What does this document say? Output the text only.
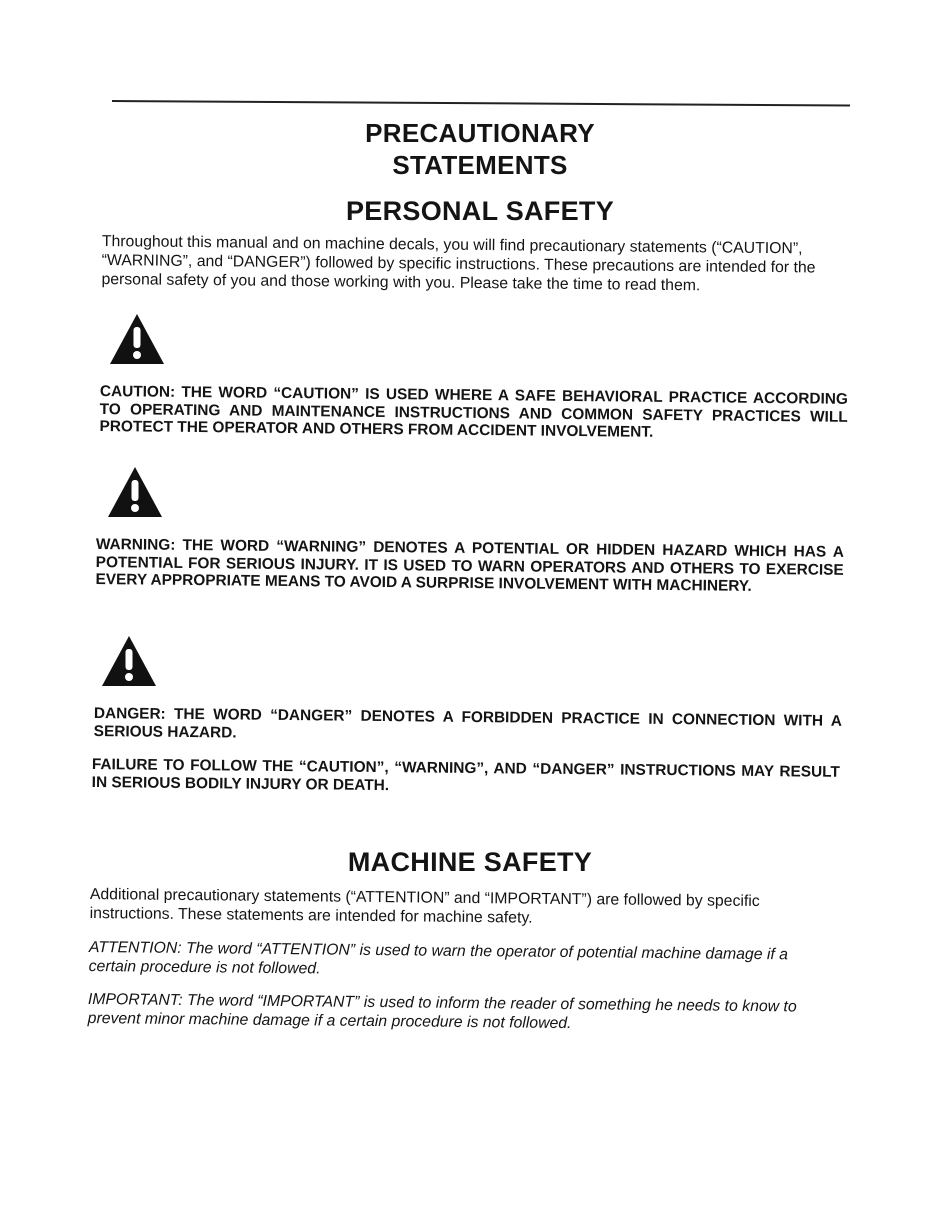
PRECAUTIONARY
STATEMENTS
PERSONAL SAFETY
Throughout this manual and on machine decals, you will find precautionary statements (“CAUTION”, “WARNING”, and “DANGER”) followed by specific instructions. These precautions are intended for the personal safety of you and those working with you. Please take the time to read them.
CAUTION: THE WORD “CAUTION” IS USED WHERE A SAFE BEHAVIORAL PRACTICE ACCORDING TO OPERATING AND MAINTENANCE INSTRUCTIONS AND COMMON SAFETY PRACTICES WILL PROTECT THE OPERATOR AND OTHERS FROM ACCIDENT INVOLVEMENT.
WARNING: THE WORD “WARNING” DENOTES A POTENTIAL OR HIDDEN HAZARD WHICH HAS A POTENTIAL FOR SERIOUS INJURY. IT IS USED TO WARN OPERATORS AND OTHERS TO EXERCISE EVERY APPROPRIATE MEANS TO AVOID A SURPRISE INVOLVEMENT WITH MACHINERY.
DANGER: THE WORD “DANGER” DENOTES A FORBIDDEN PRACTICE IN CONNECTION WITH A SERIOUS HAZARD.
FAILURE TO FOLLOW THE “CAUTION”, “WARNING”, AND “DANGER” INSTRUCTIONS MAY RESULT IN SERIOUS BODILY INJURY OR DEATH.
MACHINE SAFETY
Additional precautionary statements (“ATTENTION” and “IMPORTANT”) are followed by specific instructions. These statements are intended for machine safety.
ATTENTION: The word “ATTENTION” is used to warn the operator of potential machine damage if a certain procedure is not followed.
IMPORTANT: The word “IMPORTANT” is used to inform the reader of something he needs to know to prevent minor machine damage if a certain procedure is not followed.
